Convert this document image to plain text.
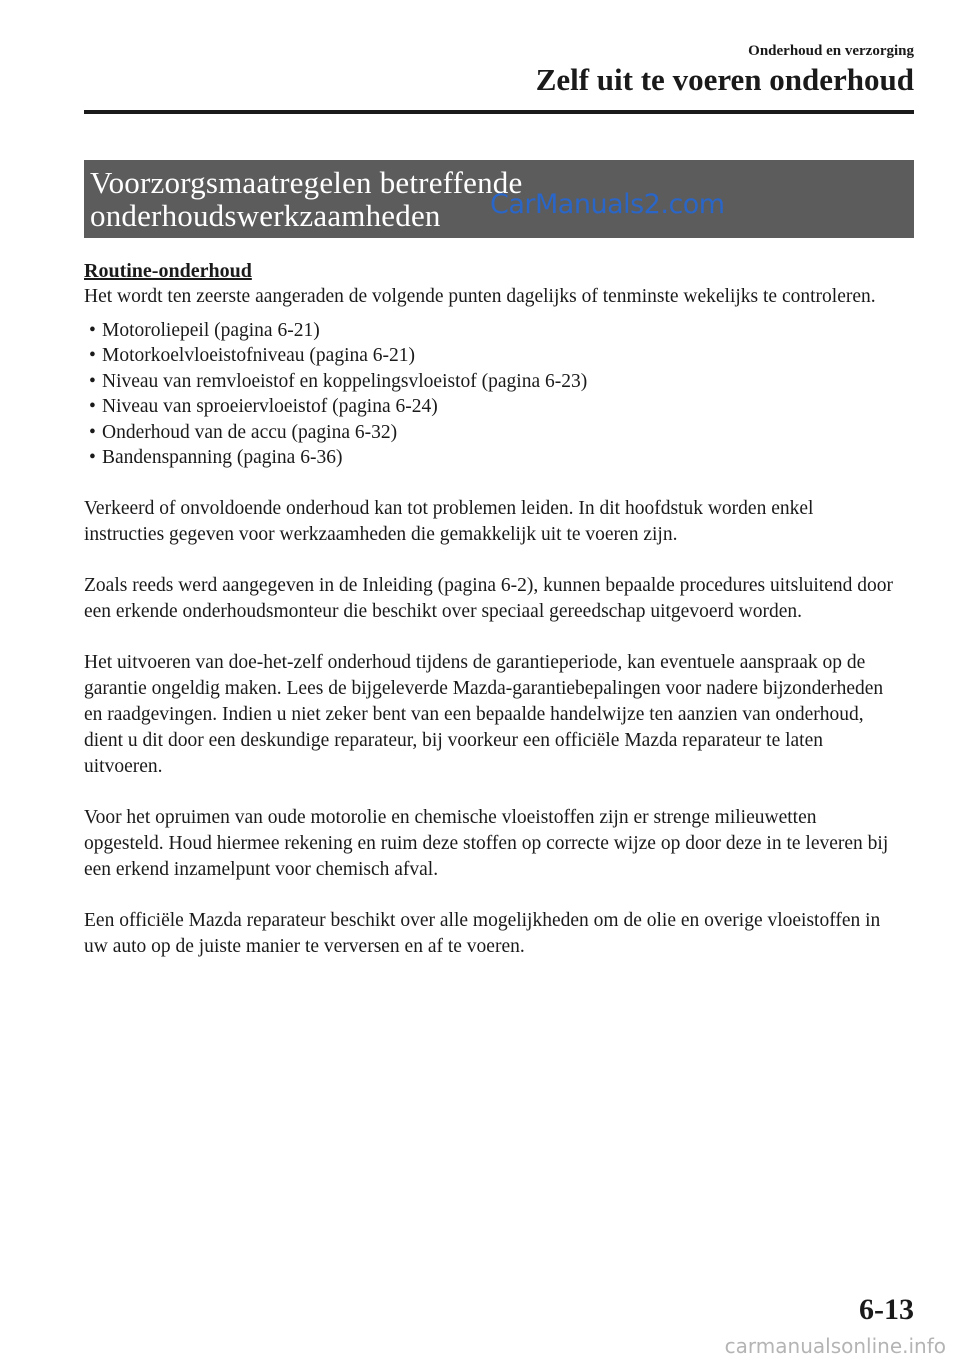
Onderhoud en verzorging
Zelf uit te voeren onderhoud
Voorzorgsmaatregelen betreffende
onderhoudswerkzaamheden	CarManuals2.com

Routine-onderhoud

Het wordt ten zeerste aangeraden de volgende punten dagelijks of tenminste wekelijks te controleren.

• Motoroliepeil (pagina 6-21)
• Motorkoelvloeistofniveau (pagina 6-21)
• Niveau van remvloeistof en koppelingsvloeistof (pagina 6-23)
• Niveau van sproeiervloeistof (pagina 6-24)
• Onderhoud van de accu (pagina 6-32)
• Bandenspanning (pagina 6-36)

Verkeerd of onvoldoende onderhoud kan tot problemen leiden. In dit hoofdstuk worden enkel instructies gegeven voor werkzaamheden die gemakkelijk uit te voeren zijn.

Zoals reeds werd aangegeven in de Inleiding (pagina 6-2), kunnen bepaalde procedures uitsluitend door een erkende onderhoudsmonteur die beschikt over speciaal gereedschap uitgevoerd worden.

Het uitvoeren van doe-het-zelf onderhoud tijdens de garantieperiode, kan eventuele aanspraak op de garantie ongeldig maken. Lees de bijgeleverde Mazda-garantiebepalingen voor nadere bijzonderheden en raadgevingen. Indien u niet zeker bent van een bepaalde handelwijze ten aanzien van onderhoud, dient u dit door een deskundige reparateur, bij voorkeur een officiële Mazda reparateur te laten uitvoeren.

Voor het opruimen van oude motorolie en chemische vloeistoffen zijn er strenge milieuwetten opgesteld. Houd hiermee rekening en ruim deze stoffen op correcte wijze op door deze in te leveren bij een erkend inzamelpunt voor chemisch afval.

Een officiële Mazda reparateur beschikt over alle mogelijkheden om de olie en overige vloeistoffen in uw auto op de juiste manier te verversen en af te voeren.

6-13
carmanualsonline.info
